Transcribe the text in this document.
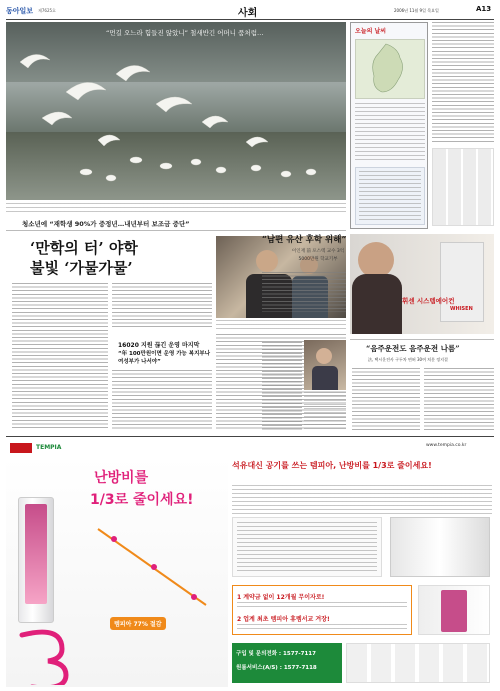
동아일보 제7625호	사회	2006년 11월 9일 목요일	A13
“먼길 오느라 힘들진 않았니” 철새반긴 어머니 품처럼…	오늘의 날씨
청소년에 “재학생 90%가 중정년…내년부터 보조금 중단”
‘만학의 터’ 야학
불빛 ‘가물가물’
16020 지원 끊긴 운영 마지막
“年 100만원이면 운영 가능 복지부나 여성부가 나서야”
“남편 유산 후학 위해”
이인재 前 포스텍 교수 3억5000만원 학교기부
휘센 시스템에어컨
WHISEN
“음주운전도 음주운전 나름”
法, 택시운전사 구두차 면허 30여 처분 정지결
TEMPIA	www.tempia.co.kr
난방비를
1/3로 줄이세요!
템피아 77% 절감
석유대신 공기를 쓰는 템피아, 난방비를 1/3로 줄이세요!
1 계약금 없이 12개월 무이자로!
2 업계 최초 템피아 휴렘서교 겨장!
구입 및 문의전화 : 1577-7117
원룸서비스(A/S) : 1577-7118
